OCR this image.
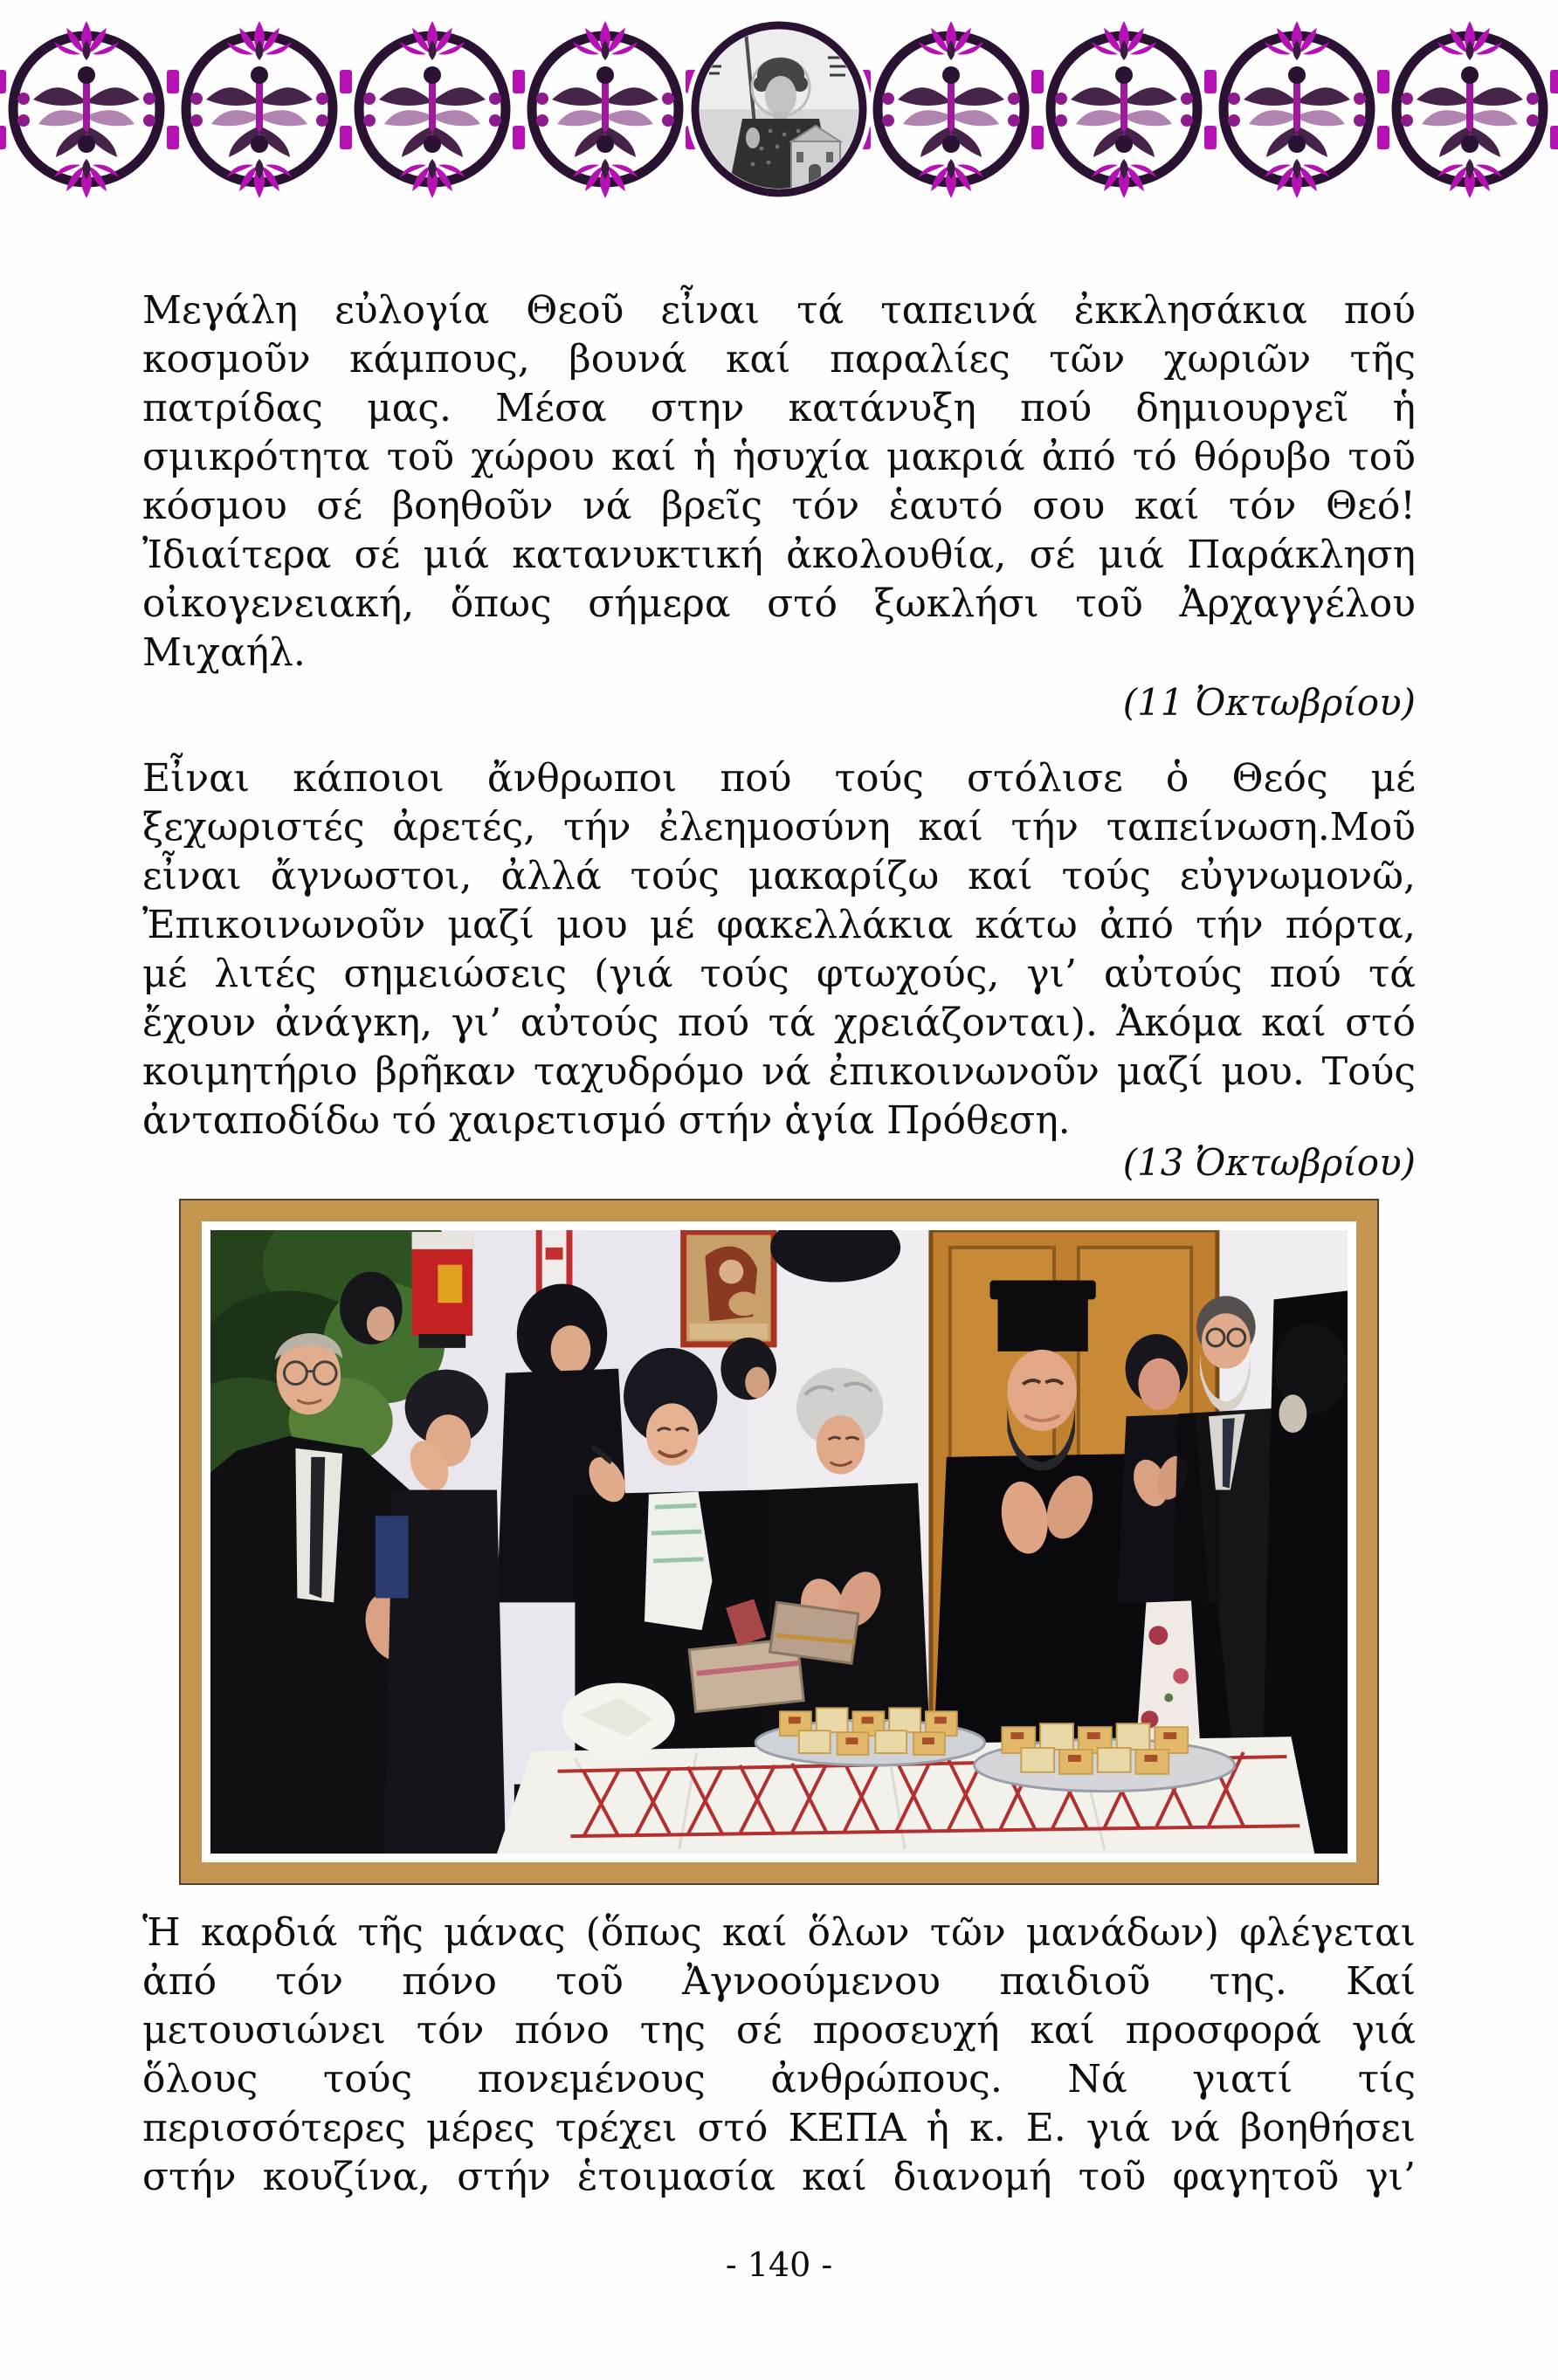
Μεγάλη εὐλογία Θεοῦ εἶναι τά ταπεινά ἐκκλησάκια πού
κοσμοῦν κάμπους, βουνά καί παραλίες τῶν χωριῶν τῆς
πατρίδας μας. Μέσα στην κατάνυξη πού δημιουργεῖ ἡ
σμικρότητα τοῦ χώρου καί ἡ ἡσυχία μακριά ἀπό τό θόρυβο τοῦ
κόσμου σέ βοηθοῦν νά βρεῖς τόν ἑαυτό σου καί τόν Θεό!
Ἰδιαίτερα σέ μιά κατανυκτική ἀκολουθία, σέ μιά Παράκληση
οἰκογενειακή, ὅπως σήμερα στό ξωκλήσι τοῦ Ἀρχαγγέλου
Μιχαήλ.
(11 Ὀκτωβρίου)
Εἶναι κάποιοι ἄνθρωποι πού τούς στόλισε ὁ Θεός μέ
ξεχωριστές ἀρετές, τήν ἐλεημοσύνη καί τήν ταπείνωση.Μοῦ
εἶναι ἄγνωστοι, ἀλλά τούς μακαρίζω καί τούς εὐγνωμονῶ,
Ἐπικοινωνοῦν μαζί μου μέ φακελλάκια κάτω ἀπό τήν πόρτα,
μέ λιτές σημειώσεις (γιά τούς φτωχούς, γι’ αὐτούς πού τά
ἔχουν ἀνάγκη, γι’ αὐτούς πού τά χρειάζονται). Ἀκόμα καί στό
κοιμητήριο βρῆκαν ταχυδρόμο νά ἐπικοινωνοῦν μαζί μου. Τούς
ἀνταποδίδω τό χαιρετισμό στήν ἁγία Πρόθεση.
(13 Ὀκτωβρίου)
Ἡ καρδιά τῆς μάνας (ὅπως καί ὅλων τῶν μανάδων) φλέγεται
ἀπό τόν πόνο τοῦ Ἀγνοούμενου παιδιοῦ της. Καί
μετουσιώνει τόν πόνο της σέ προσευχή καί προσφορά γιά
ὅλους τούς πονεμένους ἀνθρώπους. Νά γιατί τίς
περισσότερες μέρες τρέχει στό ΚΕΠΑ ἡ κ. Ε. γιά νά βοηθήσει
στήν κουζίνα, στήν ἑτοιμασία καί διανομή τοῦ φαγητοῦ γι’
- 140 -
